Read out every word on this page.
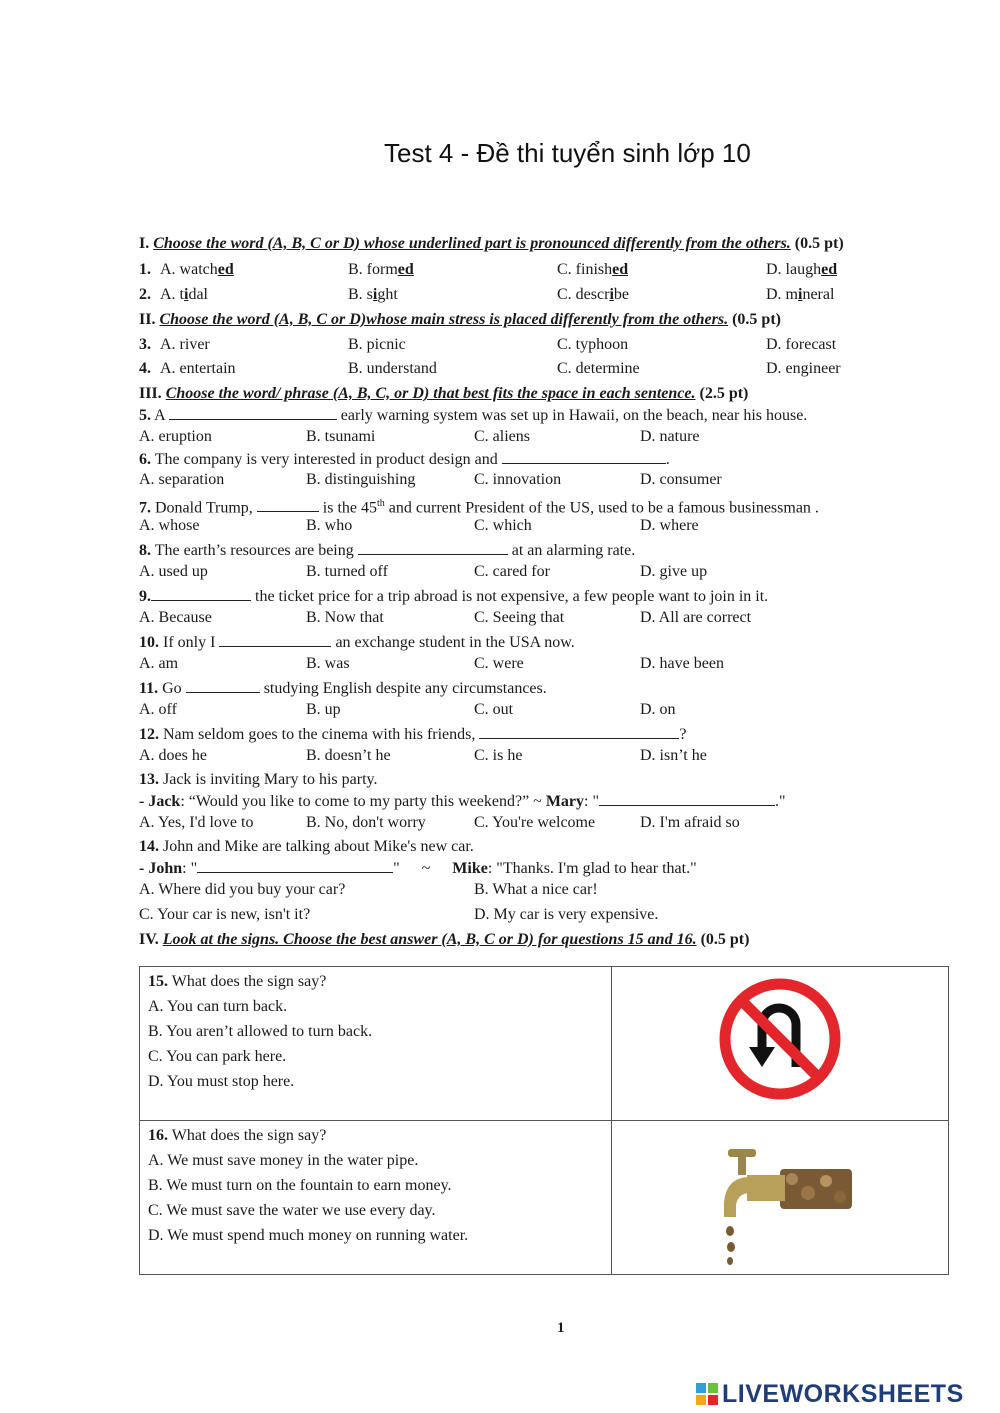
Test 4 - Đề thi tuyển sinh lớp 10
I. Choose the word (A, B, C or D) whose underlined part is pronounced differently from the others. (0.5 pt)
1. A. watched	B. formed	C. finished	D. laughed
2. A. tidal	B. sight	C. describe	D. mineral
II. Choose the word (A, B, C or D)whose main stress is placed differently from the others. (0.5 pt)
3. A. river	B. picnic	C. typhoon	D. forecast
4. A. entertain	B. understand	C. determine	D. engineer
III. Choose the word/ phrase (A, B, C, or D) that best fits the space in each sentence. (2.5 pt)
5. A	early warning system was set up in Hawaii, on the beach, near his house.
A. eruption	B. tsunami	C. aliens	D. nature
6. The company is very interested in product design and	.
A. separation	B. distinguishing	C. innovation	D. consumer
7. Donald Trump,	is the 45th and current President of the US, used to be a famous businessman .
A. whose	B. who	C. which	D. where
8. The earth’s resources are being	at an alarming rate.
A. used up	B. turned off	C. cared for	D. give up
9.	the ticket price for a trip abroad is not expensive, a few people want to join in it.
A. Because	B. Now that	C. Seeing that	D. All are correct
10. If only I	an exchange student in the USA now.
A. am	B. was	C. were	D. have been
11. Go	studying English despite any circumstances.
A. off	B. up	C. out	D. on
12. Nam seldom goes to the cinema with his friends,	?
A. does he	B. doesn’t he	C. is he	D. isn’t he
13. Jack is inviting Mary to his party.
- Jack: “Would you like to come to my party this weekend?” ~ Mary: "	."
A. Yes, I'd love to	B. No, don't worry	C. You're welcome	D. I'm afraid so
14. John and Mike are talking about Mike's new car.
- John: "	" ~ Mike: "Thanks. I'm glad to hear that."
A. Where did you buy your car?	B. What a nice car!
C. Your car is new, isn't it?	D. My car is very expensive.
IV. Look at the signs. Choose the best answer (A, B, C or D) for questions 15 and 16. (0.5 pt)
15. What does the sign say?
A. You can turn back.
B. You aren’t allowed to turn back.
C. You can park here.
D. You must stop here.

16. What does the sign say?
A. We must save money in the water pipe.
B. We must turn on the fountain to earn money.
C. We must save the water we use every day.
D. We must spend much money on running water.

1
LIVEWORKSHEETS
